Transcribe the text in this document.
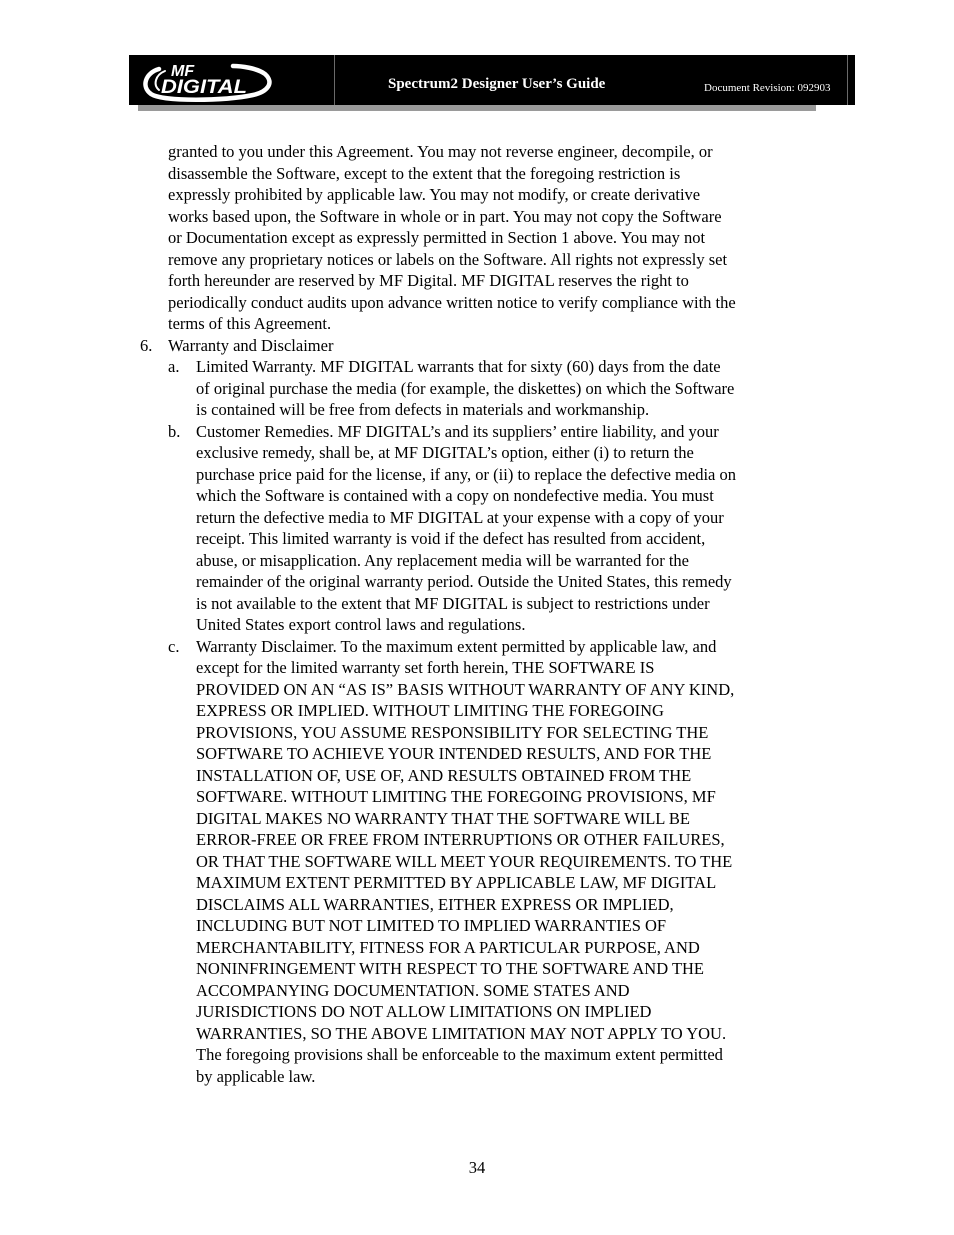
MF
DIGITAL	Spectrum2 Designer User’s Guide	Document Revision: 092903

granted to you under this Agreement. You may not reverse engineer, decompile, or
disassemble the Software, except to the extent that the foregoing restriction is
expressly prohibited by applicable law. You may not modify, or create derivative
works based upon, the Software in whole or in part. You may not copy the Software
or Documentation except as expressly permitted in Section 1 above. You may not
remove any proprietary notices or labels on the Software. All rights not expressly set
forth hereunder are reserved by MF Digital. MF DIGITAL reserves the right to
periodically conduct audits upon advance written notice to verify compliance with the
terms of this Agreement.

6. Warranty and Disclaimer
a. Limited Warranty. MF DIGITAL warrants that for sixty (60) days from the date
of original purchase the media (for example, the diskettes) on which the Software
is contained will be free from defects in materials and workmanship.
b. Customer Remedies. MF DIGITAL’s and its suppliers’ entire liability, and your
exclusive remedy, shall be, at MF DIGITAL’s option, either (i) to return the
purchase price paid for the license, if any, or (ii) to replace the defective media on
which the Software is contained with a copy on nondefective media. You must
return the defective media to MF DIGITAL at your expense with a copy of your
receipt. This limited warranty is void if the defect has resulted from accident,
abuse, or misapplication. Any replacement media will be warranted for the
remainder of the original warranty period. Outside the United States, this remedy
is not available to the extent that MF DIGITAL is subject to restrictions under
United States export control laws and regulations.
c. Warranty Disclaimer. To the maximum extent permitted by applicable law, and
except for the limited warranty set forth herein, THE SOFTWARE IS
PROVIDED ON AN “AS IS” BASIS WITHOUT WARRANTY OF ANY KIND,
EXPRESS OR IMPLIED. WITHOUT LIMITING THE FOREGOING
PROVISIONS, YOU ASSUME RESPONSIBILITY FOR SELECTING THE
SOFTWARE TO ACHIEVE YOUR INTENDED RESULTS, AND FOR THE
INSTALLATION OF, USE OF, AND RESULTS OBTAINED FROM THE
SOFTWARE. WITHOUT LIMITING THE FOREGOING PROVISIONS, MF
DIGITAL MAKES NO WARRANTY THAT THE SOFTWARE WILL BE
ERROR-FREE OR FREE FROM INTERRUPTIONS OR OTHER FAILURES,
OR THAT THE SOFTWARE WILL MEET YOUR REQUIREMENTS. TO THE
MAXIMUM EXTENT PERMITTED BY APPLICABLE LAW, MF DIGITAL
DISCLAIMS ALL WARRANTIES, EITHER EXPRESS OR IMPLIED,
INCLUDING BUT NOT LIMITED TO IMPLIED WARRANTIES OF
MERCHANTABILITY, FITNESS FOR A PARTICULAR PURPOSE, AND
NONINFRINGEMENT WITH RESPECT TO THE SOFTWARE AND THE
ACCOMPANYING DOCUMENTATION. SOME STATES AND
JURISDICTIONS DO NOT ALLOW LIMITATIONS ON IMPLIED
WARRANTIES, SO THE ABOVE LIMITATION MAY NOT APPLY TO YOU.
The foregoing provisions shall be enforceable to the maximum extent permitted
by applicable law.
34
